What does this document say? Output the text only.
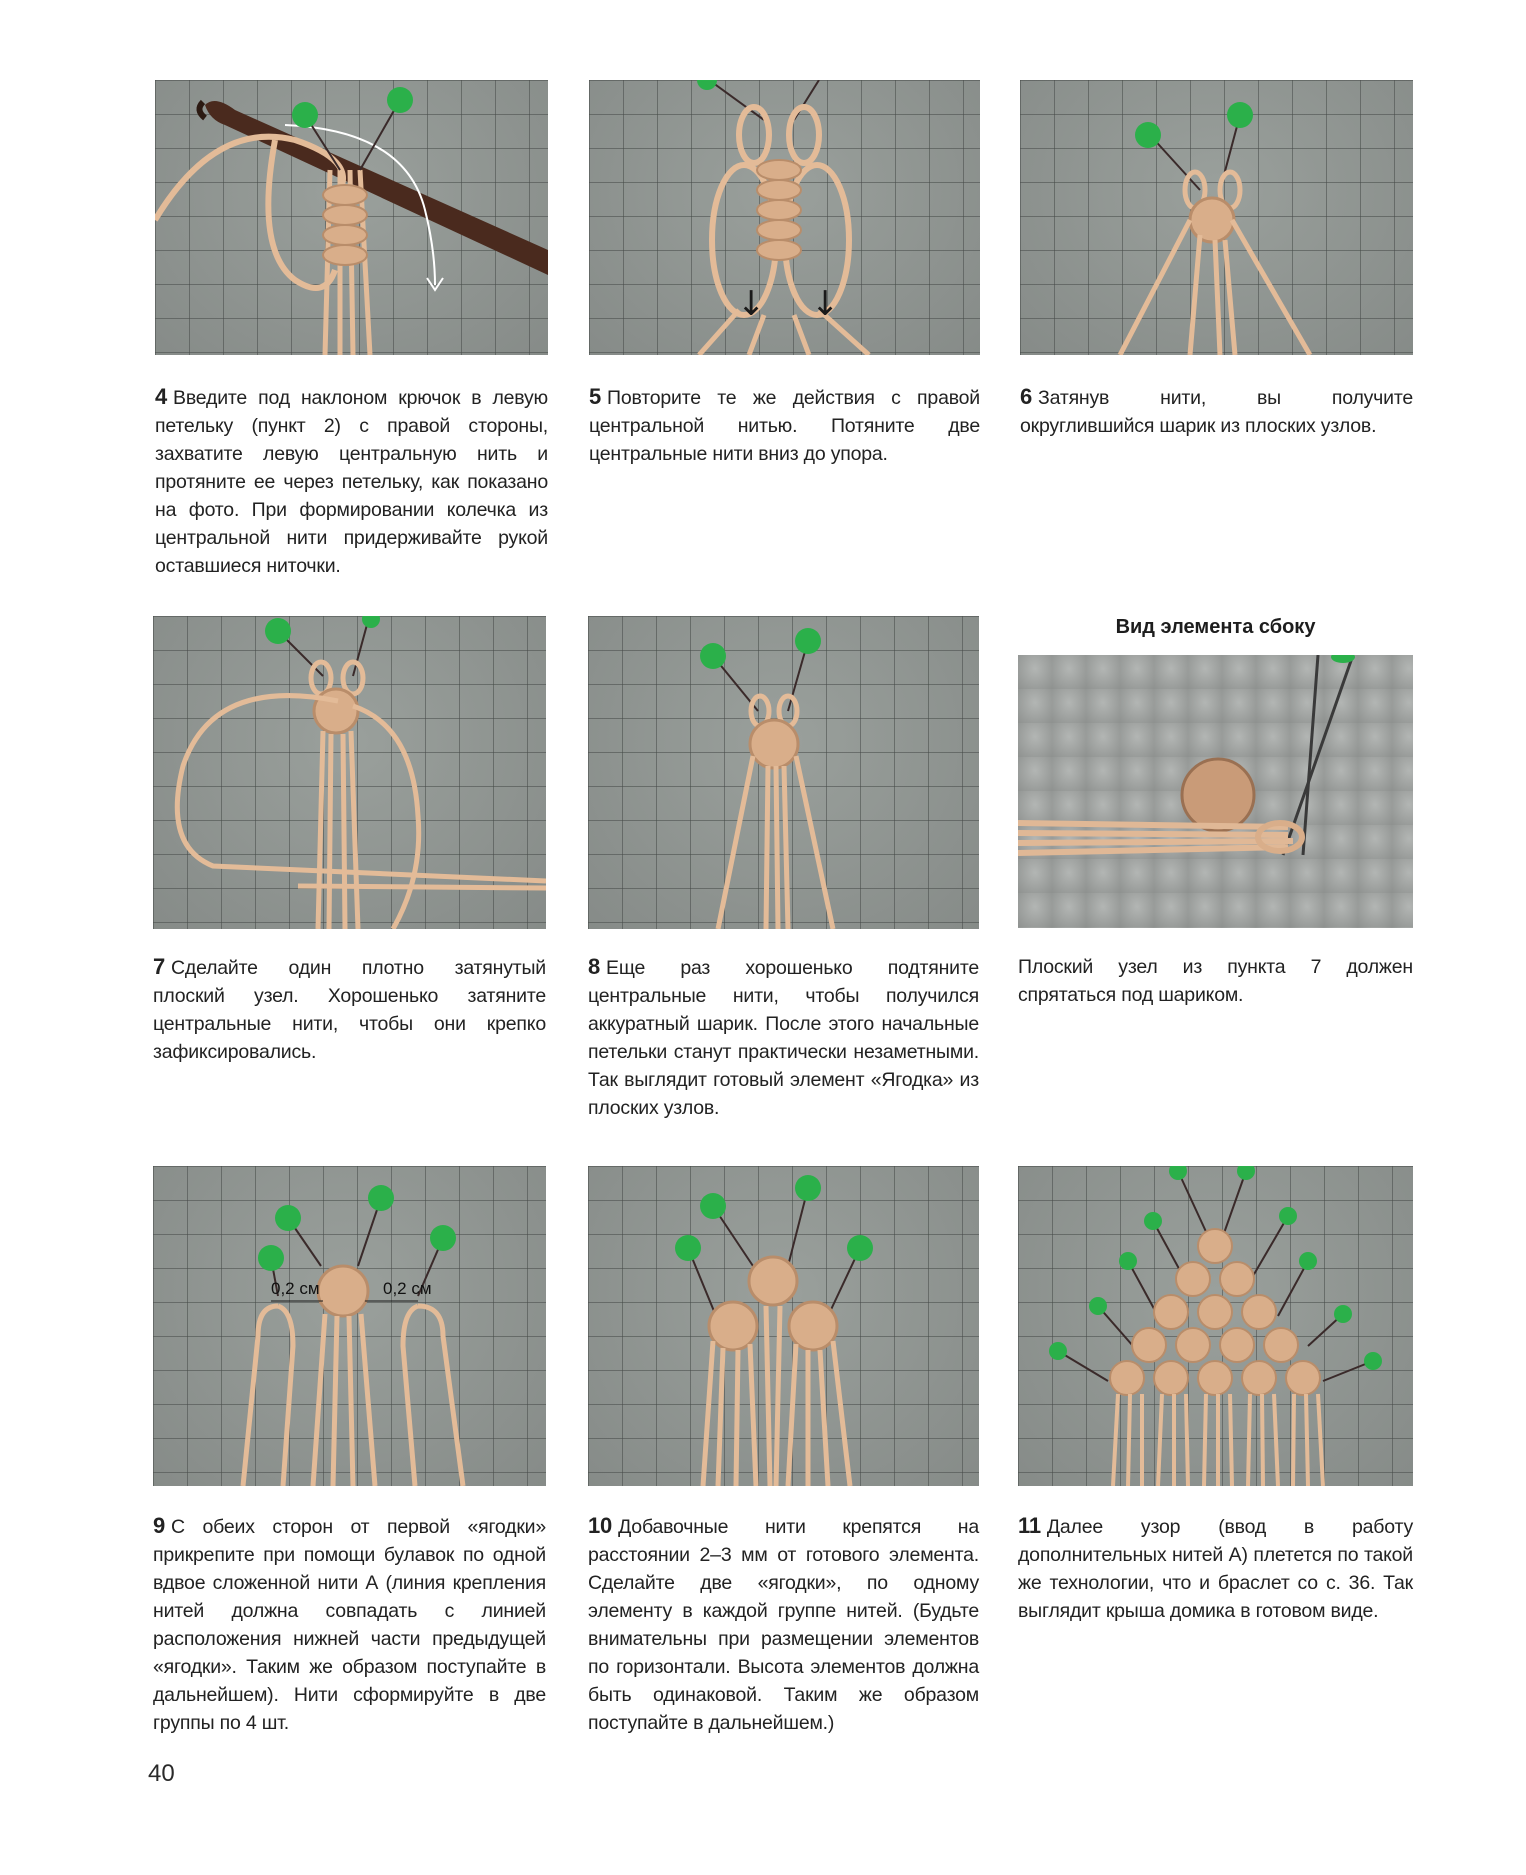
↓ ↓
4 Введите под наклоном крючок в левую петельку (пункт 2) с правой стороны, захватите левую центральную нить и протяните ее через петельку, как показано на фото. При формировании колечка из центральной нити придерживайте рукой оставшиеся ниточки.
5 Повторите те же действия с правой центральной нитью. Потяните две центральные нити вниз до упора.
6 Затянув нити, вы получите округлившийся шарик из плоских узлов.
Вид элемента сбоку
7 Сделайте один плотно затянутый плоский узел. Хорошенько затяните центральные нити, чтобы они крепко зафиксировались.
8 Еще раз хорошенько подтяните центральные нити, чтобы получился аккуратный шарик. После этого начальные петельки станут практически незаметными. Так выглядит готовый элемент «Ягодка» из плоских узлов.
Плоский узел из пункта 7 должен спрятаться под шариком.
0,2 см	0,2 см
9 С обеих сторон от первой «ягодки» прикрепите при помощи булавок по одной вдвое сложенной нити А (линия крепления нитей должна совпадать с линией расположения нижней части предыдущей «ягодки». Таким же образом поступайте в дальнейшем). Нити сформируйте в две группы по 4 шт.
10 Добавочные нити крепятся на расстоянии 2–3 мм от готового элемента. Сделайте две «ягодки», по одному элементу в каждой группе нитей. (Будьте внимательны при размещении элементов по горизонтали. Высота элементов должна быть одинаковой. Таким же образом поступайте в дальнейшем.)
11 Далее узор (ввод в работу дополнительных нитей А) плетется по такой же технологии, что и браслет со с. 36. Так выглядит крыша домика в готовом виде.
40
